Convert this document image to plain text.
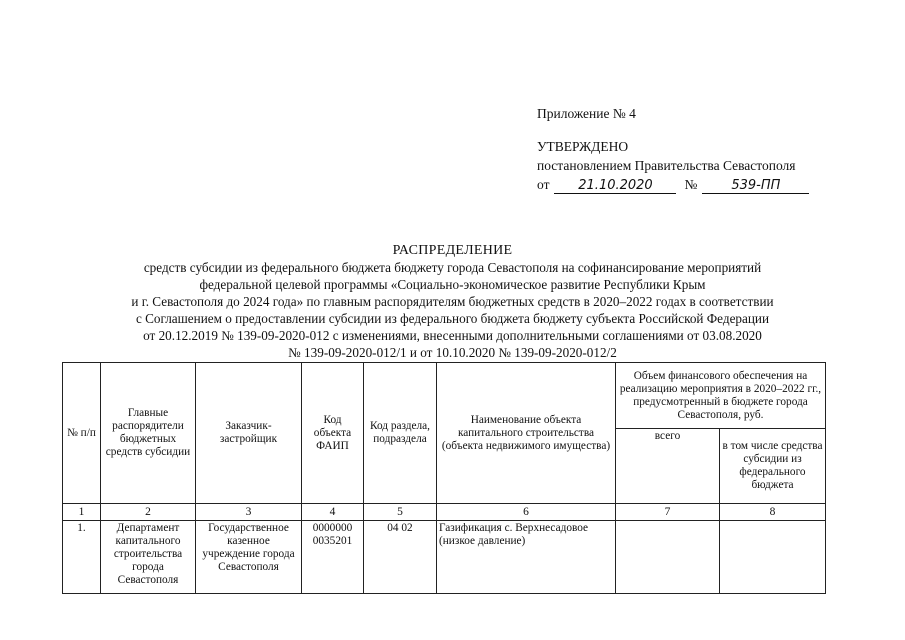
Приложение № 4
УТВЕРЖДЕНО
постановлением Правительства Севастополя
от	21.10.2020	№	539-ПП
РАСПРЕДЕЛЕНИЕ
средств субсидии из федерального бюджета бюджету города Севастополя на софинансирование мероприятий
федеральной целевой программы «Социально-экономическое развитие Республики Крым
и г. Севастополя до 2024 года» по главным распорядителям бюджетных средств в 2020–2022 годах в соответствии
с Соглашением о предоставлении субсидии из федерального бюджета бюджету субъекта Российской Федерации
от 20.12.2019 № 139-09-2020-012 с изменениями, внесенными дополнительными соглашениями от 03.08.2020
№ 139-09-2020-012/1 и от 10.10.2020 № 139-09-2020-012/2
№ п/п	Главные распорядители бюджетных средств субсидии	Заказчик-застройщик	Код объекта ФАИП	Код раздела, подраздела	Наименование объекта капитального строительства (объекта недвижимого имущества)	Объем финансового обеспечения на реализацию мероприятия в 2020–2022 гг., предусмотренный в бюджете города Севастополя, руб.	
						всего	в том числе средства субсидии из федерального бюджета
1	2	3	4	5	6	7	8
1.	Департамент капитального строительства города Севастополя	Государственное казенное учреждение города Севастополя	0000000 0035201	04 02	Газификация с. Верхнесадовое (низкое давление)		
